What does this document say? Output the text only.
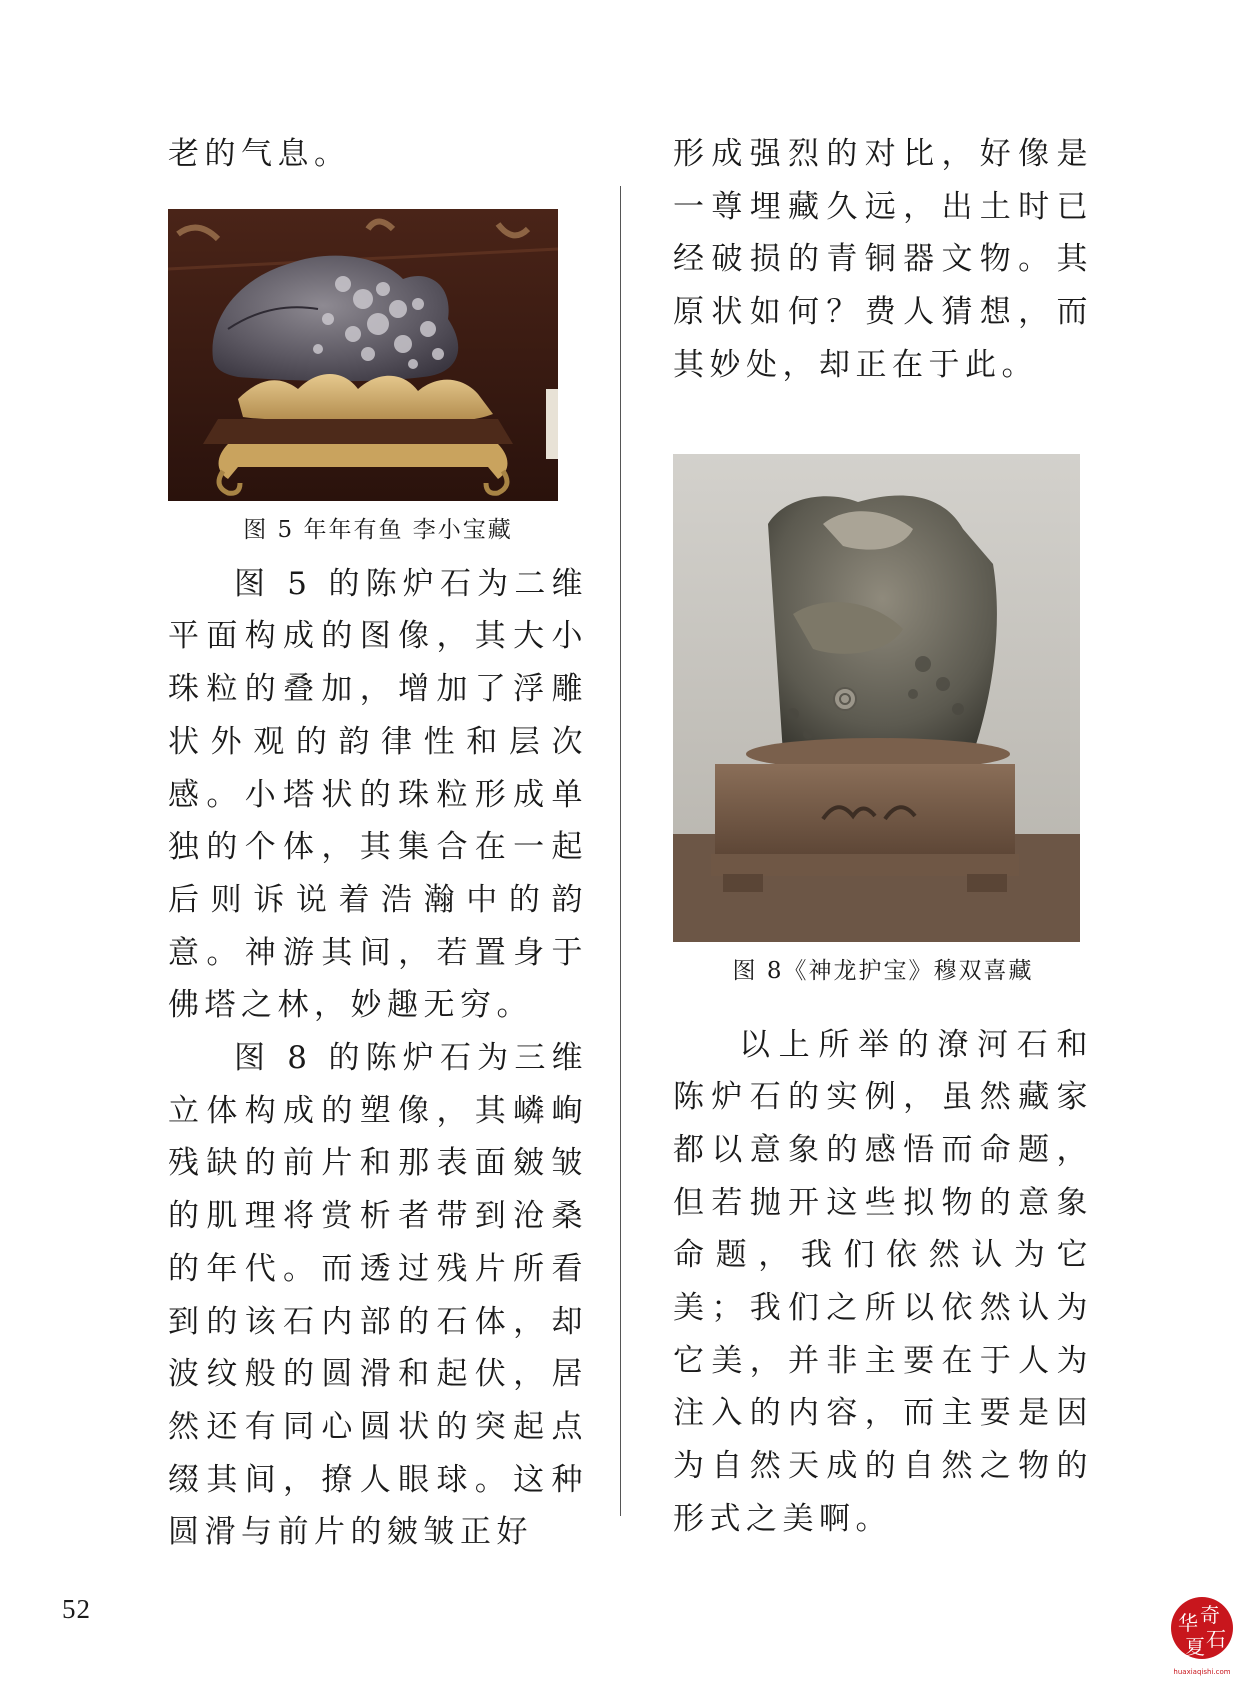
老的气息。

图 5 年年有鱼 李小宝藏

图 5 的陈炉石为二维平面构成的图像，其大小珠粒的叠加，增加了浮雕状外观的韵律性和层次感。小塔状的珠粒形成单独的个体，其集合在一起后则诉说着浩瀚中的韵意。神游其间，若置身于佛塔之林，妙趣无穷。

图 8 的陈炉石为三维立体构成的塑像，其嶙峋残缺的前片和那表面皴皱的肌理将赏析者带到沧桑的年代。而透过残片所看到的该石内部的石体，却波纹般的圆滑和起伏，居然还有同心圆状的突起点缀其间，撩人眼球。这种圆滑与前片的皴皱正好

形成强烈的对比，好像是一尊埋藏久远，出土时已经破损的青铜器文物。其原状如何？费人猜想，而其妙处，却正在于此。

图 8《神龙护宝》穆双喜藏

以上所举的潦河石和陈炉石的实例，虽然藏家都以意象的感悟而命题，但若抛开这些拟物的意象命题，我们依然认为它美；我们之所以依然认为它美，并非主要在于人为注入的内容，而主要是因为自然天成的自然之物的形式之美啊。

52	奇
华
石
夏
huaxiaqishi.com
